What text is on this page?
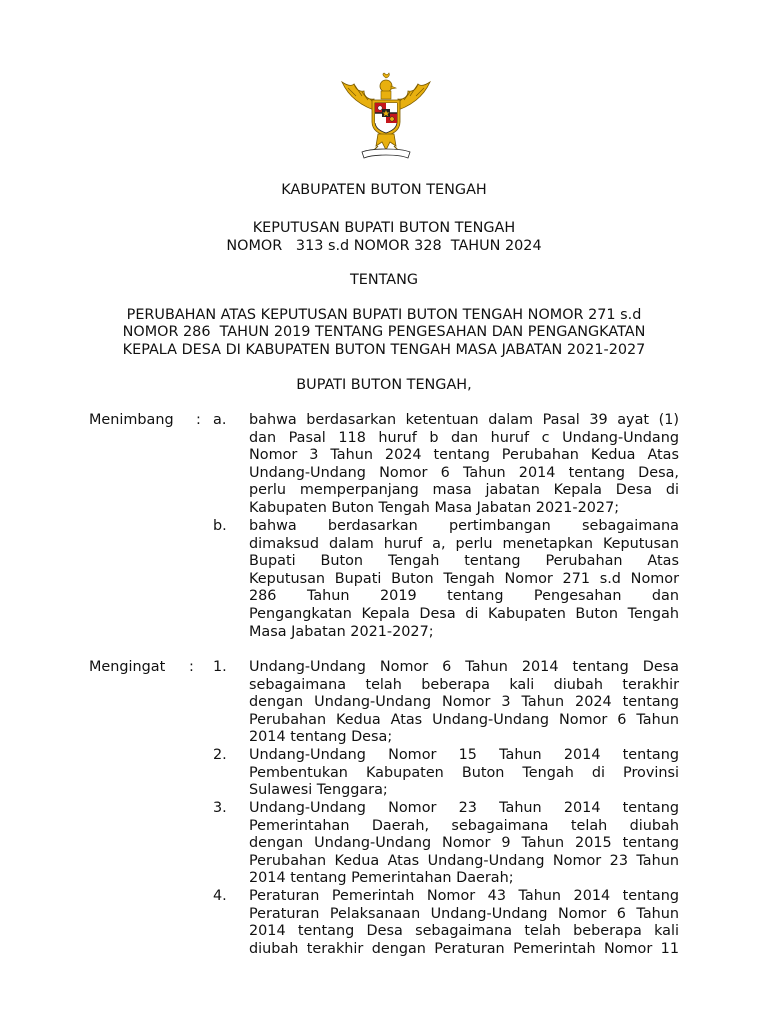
KABUPATEN BUTON TENGAH
KEPUTUSAN BUPATI BUTON TENGAH
NOMOR   313 s.d NOMOR 328  TAHUN 2024
TENTANG
PERUBAHAN ATAS KEPUTUSAN BUPATI BUTON TENGAH NOMOR 271 s.d
NOMOR 286  TAHUN 2019 TENTANG PENGESAHAN DAN PENGANGKATAN
KEPALA DESA DI KABUPATEN BUTON TENGAH MASA JABATAN 2021-2027
BUPATI BUTON TENGAH,
Menimbang : a. bahwa berdasarkan ketentuan dalam Pasal 39 ayat (1)
dan Pasal 118 huruf b dan huruf c Undang-Undang
Nomor 3 Tahun 2024 tentang Perubahan Kedua Atas
Undang-Undang Nomor 6 Tahun 2014 tentang Desa,
perlu memperpanjang masa jabatan Kepala Desa di
Kabupaten Buton Tengah Masa Jabatan 2021-2027;
b. bahwa berdasarkan pertimbangan sebagaimana
dimaksud dalam huruf a, perlu menetapkan Keputusan
Bupati Buton Tengah tentang Perubahan Atas
Keputusan Bupati Buton Tengah Nomor 271 s.d Nomor
286 Tahun 2019 tentang Pengesahan dan
Pengangkatan Kepala Desa di Kabupaten Buton Tengah
Masa Jabatan 2021-2027;
Mengingat : 1. Undang-Undang Nomor 6 Tahun 2014 tentang Desa
sebagaimana telah beberapa kali diubah terakhir
dengan Undang-Undang Nomor 3 Tahun 2024 tentang
Perubahan Kedua Atas Undang-Undang Nomor 6 Tahun
2014 tentang Desa;
2. Undang-Undang Nomor 15 Tahun 2014 tentang
Pembentukan Kabupaten Buton Tengah di Provinsi
Sulawesi Tenggara;
3. Undang-Undang Nomor 23 Tahun 2014 tentang
Pemerintahan Daerah, sebagaimana telah diubah
dengan Undang-Undang Nomor 9 Tahun 2015 tentang
Perubahan Kedua Atas Undang-Undang Nomor 23 Tahun
2014 tentang Pemerintahan Daerah;
4. Peraturan Pemerintah Nomor 43 Tahun 2014 tentang
Peraturan Pelaksanaan Undang-Undang Nomor 6 Tahun
2014 tentang Desa sebagaimana telah beberapa kali
diubah terakhir dengan Peraturan Pemerintah Nomor 11
